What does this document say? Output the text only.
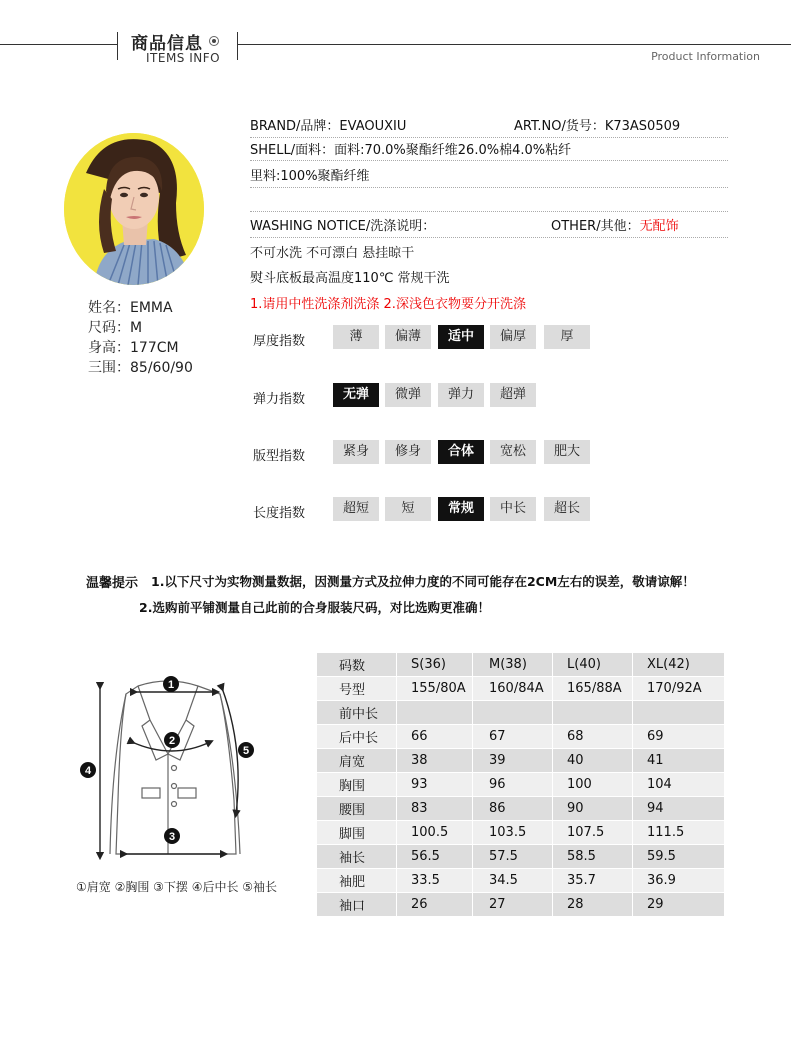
商品信息
ITEMS INFO	Product Information
姓名：EMMA
尺码：M
身高：177CM
三围：85/60/90
BRAND/品牌：EVAOUXIU	ART.NO/货号：K73AS0509
SHELL/面料：面料:70.0%聚酯纤维26.0%棉4.0%粘纤
里料:100%聚酯纤维
WASHING NOTICE/洗涤说明：	OTHER/其他：无配饰
不可水洗 不可漂白 悬挂晾干
熨斗底板最高温度110℃ 常规干洗
1.请用中性洗涤剂洗涤 2.深浅色衣物要分开洗涤
厚度指数	薄	偏薄	适中	偏厚	厚
弹力指数	无弹	微弹	弹力	超弹
版型指数	紧身	修身	合体	宽松	肥大
长度指数	超短	短	常规	中长	超长
温馨提示 1.以下尺寸为实物测量数据，因测量方式及拉伸力度的不同可能存在2CM左右的误差，敬请谅解！
2.选购前平铺测量自己此前的合身服装尺码，对比选购更准确！
1
2
3
4
5
①肩宽 ②胸围 ③下摆 ④后中长 ⑤袖长
码数	S(36)	M(38)	L(40)	XL(42)
号型	155/80A	160/84A	165/88A	170/92A
前中长				
后中长	66	67	68	69
肩宽	38	39	40	41
胸围	93	96	100	104
腰围	83	86	90	94
脚围	100.5	103.5	107.5	111.5
袖长	56.5	57.5	58.5	59.5
袖肥	33.5	34.5	35.7	36.9
袖口	26	27	28	29
